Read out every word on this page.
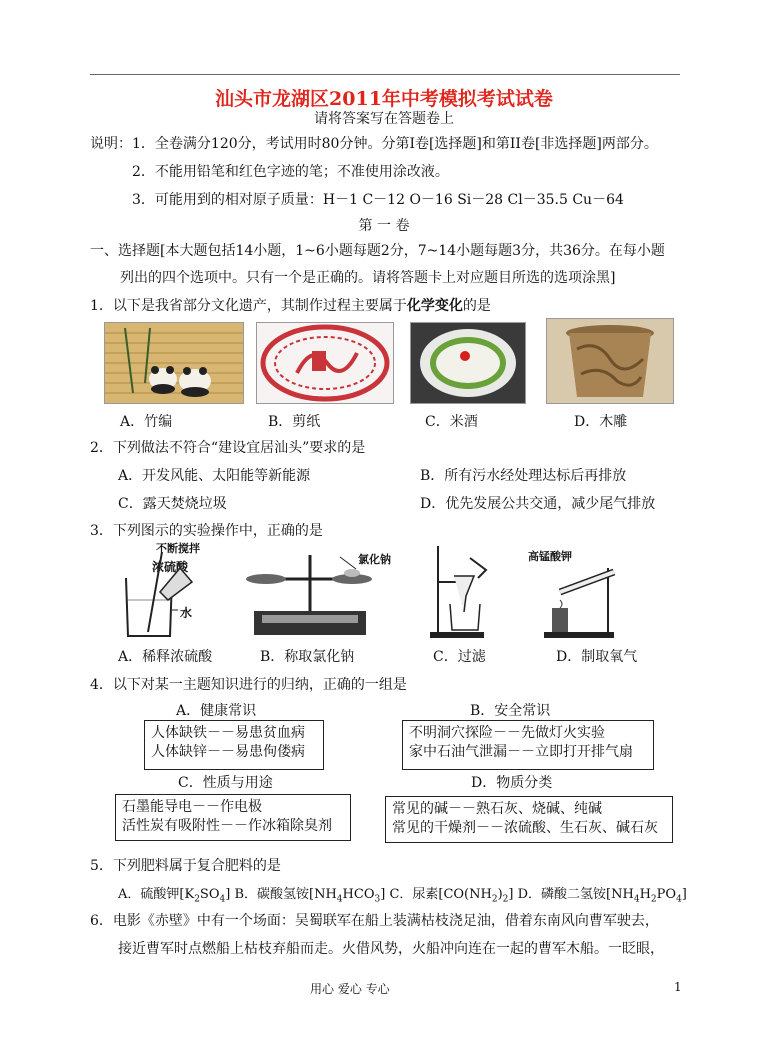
汕头市龙湖区2011年中考模拟考试试卷
请将答案写在答题卷上
说明： 1．全卷满分120分，考试用时80分钟。分第I卷[选择题]和第II卷[非选择题]两部分。
2．不能用铅笔和红色字迹的笔；不准使用涂改液。
3．可能用到的相对原子质量：H－1 C－12 O－16 Si－28 Cl－35.5 Cu－64
第 一 卷
一、选择题[本大题包括14小题，1~6小题每题2分，7~14小题每题3分，共36分。在每小题
列出的四个选项中。只有一个是正确的。请将答题卡上对应题目所选的选项涂黑]
1．以下是我省部分文化遗产，其制作过程主要属于化学变化的是
A．竹编	B．剪纸	C．米酒	D．木雕
2．下列做法不符合“建设宜居汕头”要求的是
A．开发风能、太阳能等新能源	B．所有污水经处理达标后再排放
C．露天焚烧垃圾	D．优先发展公共交通，减少尾气排放
3．下列图示的实验操作中，正确的是
不断搅拌
浓硫酸
水
氯化钠	高锰酸钾
A．稀释浓硫酸	B．称取氯化钠	C．过滤	D．制取氧气
4．以下对某一主题知识进行的归纳，正确的一组是
A．健康常识
人体缺铁－－易患贫血病
人体缺锌－－易患佝偻病
B．安全常识
不明洞穴探险－－先做灯火实验
家中石油气泄漏－－立即打开排气扇
C．性质与用途
石墨能导电－－作电极
活性炭有吸附性－－作冰箱除臭剂
D．物质分类
常见的碱－－熟石灰、烧碱、纯碱
常见的干燥剂－－浓硫酸、生石灰、碱石灰
5．下列肥料属于复合肥料的是
A．硫酸钾$[K_2SO_4]$ B．碳酸氢铵$[NH_4HCO_3]$ C．尿素$[CO(NH_2)_2]$ D．磷酸二氢铵$[NH_4H_2PO_4]$
6．电影《赤壁》中有一个场面：吴蜀联军在船上装满枯枝浇足油，借着东南风向曹军驶去，
接近曹军时点燃船上枯枝弃船而走。火借风势，火船冲向连在一起的曹军木船。一眨眼，
用心 爱心 专心	1
